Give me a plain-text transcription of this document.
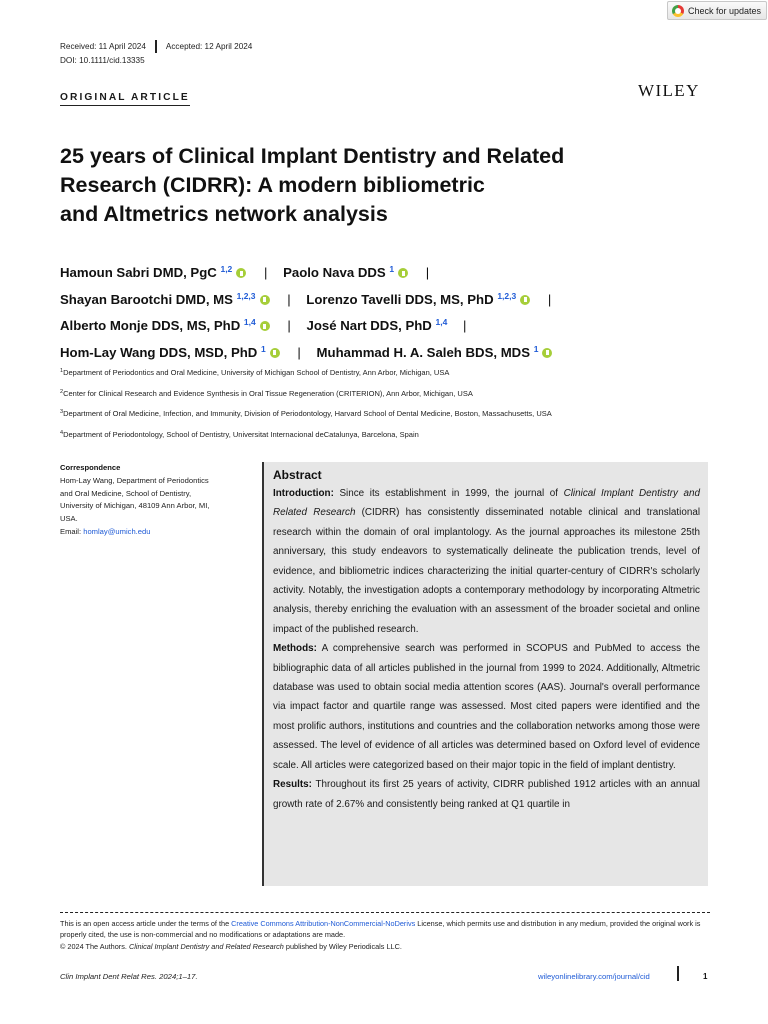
Check for updates
Received: 11 April 2024 Accepted: 12 April 2024
DOI: 10.1111/cid.13335
ORIGINAL ARTICLE	WILEY
25 years of Clinical Implant Dentistry and Related
Research (CIDRR): A modern bibliometric
and Altmetrics network analysis
Hamoun Sabri DMD, PgC $^{1,2}$ | Paolo Nava DDS $^1$ |
Shayan Barootchi DMD, MS $^{1,2,3}$ | Lorenzo Tavelli DDS, MS, PhD $^{1,2,3}$ |
Alberto Monje DDS, MS, PhD $^{1,4}$ | José Nart DDS, PhD $^{1,4}$ |
Hom-Lay Wang DDS, MSD, PhD $^1$ | Muhammad H. A. Saleh BDS, MDS $^1$
$^1$Department of Periodontics and Oral Medicine, University of Michigan School of Dentistry, Ann Arbor, Michigan, USA
$^2$Center for Clinical Research and Evidence Synthesis in Oral Tissue Regeneration (CRITERION), Ann Arbor, Michigan, USA
$^3$Department of Oral Medicine, Infection, and Immunity, Division of Periodontology, Harvard School of Dental Medicine, Boston, Massachusetts, USA
$^4$Department of Periodontology, School of Dentistry, Universitat Internacional deCatalunya, Barcelona, Spain
Correspondence
Hom-Lay Wang, Department of Periodontics
and Oral Medicine, School of Dentistry,
University of Michigan, 48109 Ann Arbor, MI,
USA.
Email: homlay@umich.edu
Abstract

Introduction: Since its establishment in 1999, the journal of Clinical Implant Dentistry and Related Research (CIDRR) has consistently disseminated notable clinical and translational research within the domain of oral implantology. As the journal approaches its milestone 25th anniversary, this study endeavors to systematically delineate the publication trends, level of evidence, and bibliometric indices characterizing the initial quarter-century of CIDRR's scholarly activity. Notably, the investigation adopts a contemporary methodology by incorporating Altmetric analysis, thereby enriching the evaluation with an assessment of the broader societal and online impact of the published research.

Methods: A comprehensive search was performed in SCOPUS and PubMed to access the bibliographic data of all articles published in the journal from 1999 to 2024. Additionally, Altmetric database was used to obtain social media attention scores (AAS). Journal's overall performance via impact factor and quartile range was assessed. Most cited papers were identified and the most prolific authors, institutions and countries and the collaboration networks among those were assessed. The level of evidence of all articles was determined based on Oxford level of evidence scale. All articles were categorized based on their major topic in the field of implant dentistry.

Results: Throughout its first 25 years of activity, CIDRR published 1912 articles with an annual growth rate of 2.67% and consistently being ranked at Q1 quartile in

This is an open access article under the terms of the Creative Commons Attribution-NonCommercial-NoDerivs License, which permits use and distribution in any medium, provided the original work is properly cited, the use is non-commercial and no modifications or adaptations are made.
© 2024 The Authors. Clinical Implant Dentistry and Related Research published by Wiley Periodicals LLC.
Clin Implant Dent Relat Res. 2024;1–17.	wileyonlinelibrary.com/journal/cid	1
